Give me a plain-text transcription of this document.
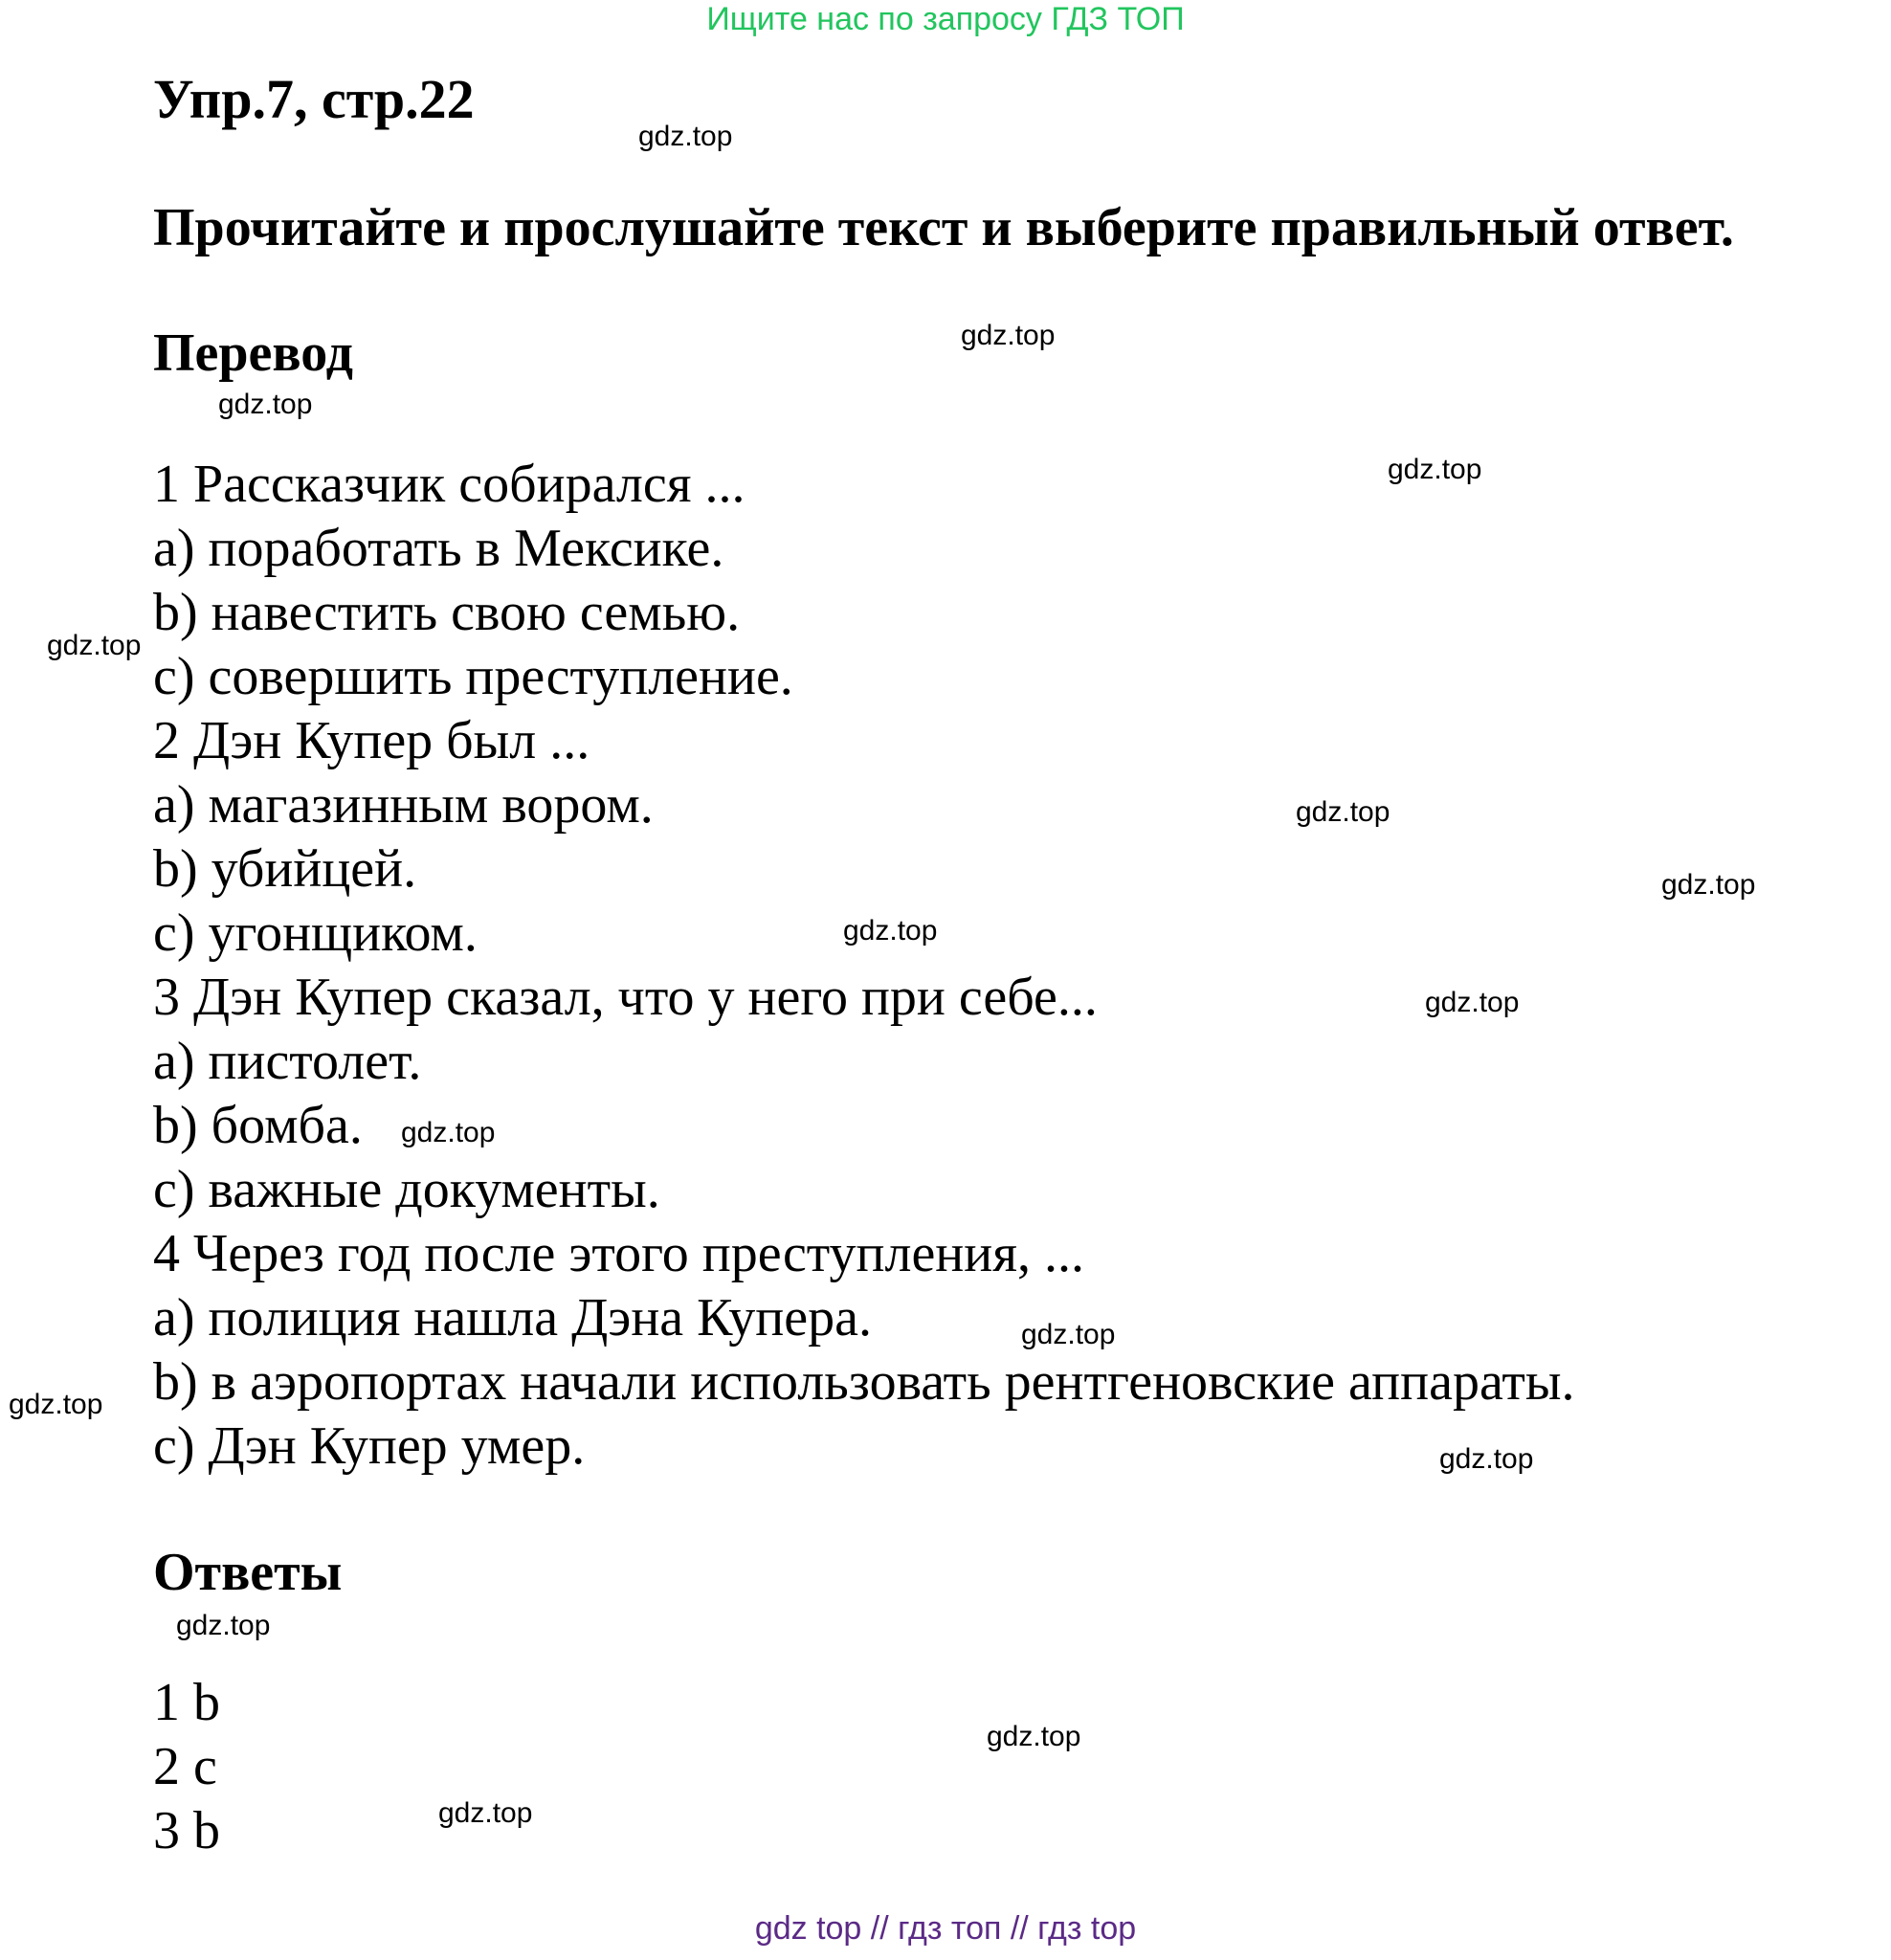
Ищите нас по запросу ГДЗ ТОП
Упр.7, стр.22
Прочитайте и прослушайте текст и выберите правильный ответ.
Перевод
1 Рассказчик собирался ...
a) поработать в Мексике.
b) навестить свою семью.
c) совершить преступление.
2 Дэн Купер был ...
a) магазинным вором.
b) убийцей.
c) угонщиком.
3 Дэн Купер сказал, что у него при себе...
a) пистолет.
b) бомба.
c) важные документы.
4 Через год после этого преступления, ...
a) полиция нашла Дэна Купера.
b) в аэропортах начали использовать рентгеновские аппараты.
c) Дэн Купер умер.
Ответы
1 b
2 c
3 b
gdz.top
gdz.top
gdz.top
gdz.top
gdz.top
gdz.top
gdz.top
gdz.top
gdz.top
gdz.top
gdz.top
gdz.top
gdz.top
gdz.top
gdz.top
gdz.top
gdz top // гдз топ // гдз top
